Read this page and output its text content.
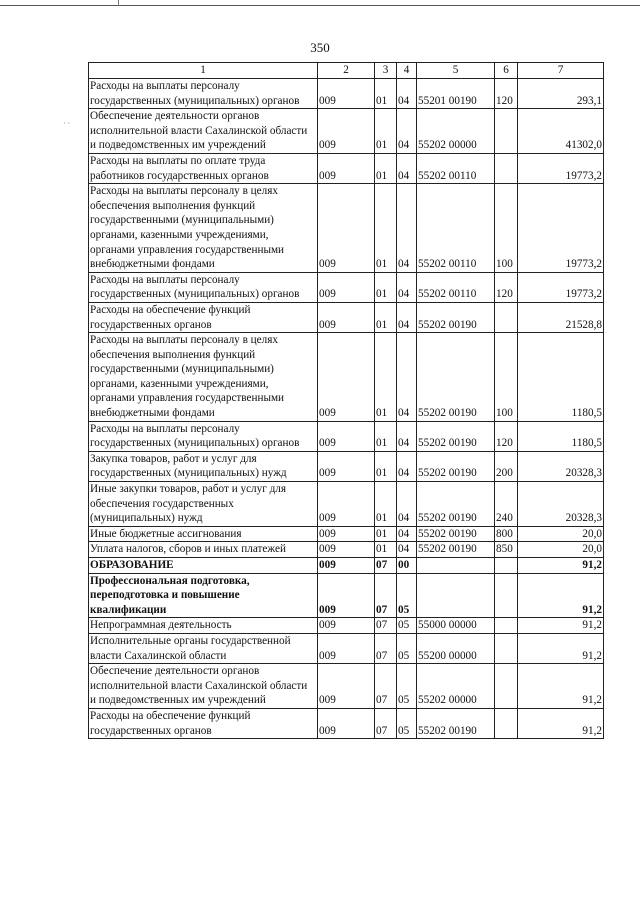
· ·
350
1	2	3	4	5	6	7
Расходы на выплаты персоналу государственных (муниципальных) органов	009	01	04	55201 00190	120	293,1
Обеспечение деятельности органов исполнительной власти Сахалинской области и подведомственных им учреждений	009	01	04	55202 00000		41302,0
Расходы на выплаты по оплате труда работников государственных органов	009	01	04	55202 00110		19773,2
Расходы на выплаты персоналу в целях обеспечения выполнения функций государственными (муниципальными) органами, казенными учреждениями, органами управления государственными внебюджетными фондами	009	01	04	55202 00110	100	19773,2
Расходы на выплаты персоналу государственных (муниципальных) органов	009	01	04	55202 00110	120	19773,2
Расходы на обеспечение функций государственных органов	009	01	04	55202 00190		21528,8
Расходы на выплаты персоналу в целях обеспечения выполнения функций государственными (муниципальными) органами, казенными учреждениями, органами управления государственными внебюджетными фондами	009	01	04	55202 00190	100	1180,5
Расходы на выплаты персоналу государственных (муниципальных) органов	009	01	04	55202 00190	120	1180,5
Закупка товаров, работ и услуг для государственных (муниципальных) нужд	009	01	04	55202 00190	200	20328,3
Иные закупки товаров, работ и услуг для обеспечения государственных (муниципальных) нужд	009	01	04	55202 00190	240	20328,3
Иные бюджетные ассигнования	009	01	04	55202 00190	800	20,0
Уплата налогов, сборов и иных платежей	009	01	04	55202 00190	850	20,0
ОБРАЗОВАНИЕ	009	07	00			91,2
Профессиональная подготовка, переподготовка и повышение квалификации	009	07	05			91,2
Непрограммная деятельность	009	07	05	55000 00000		91,2
Исполнительные органы государственной власти Сахалинской области	009	07	05	55200 00000		91,2
Обеспечение деятельности органов исполнительной власти Сахалинской области и подведомственных им учреждений	009	07	05	55202 00000		91,2
Расходы на обеспечение функций государственных органов	009	07	05	55202 00190		91,2
